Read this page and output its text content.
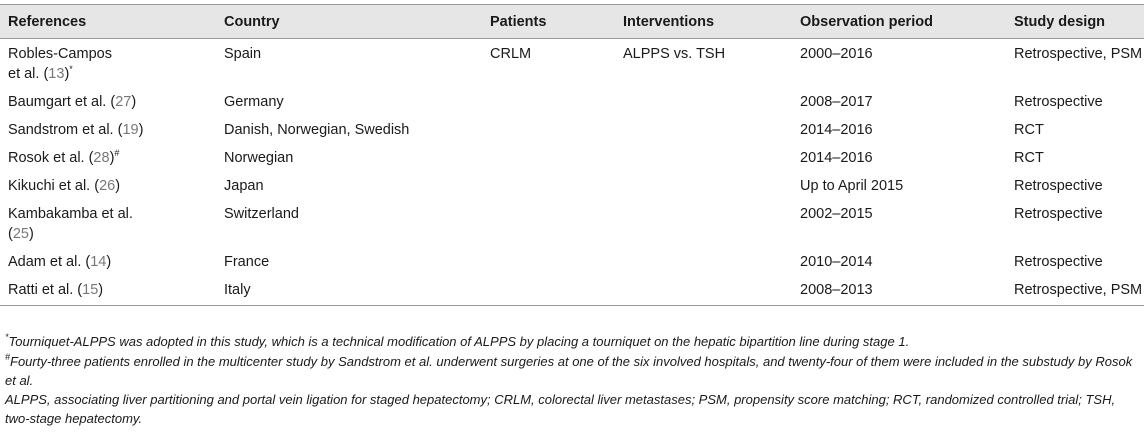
References	Country	Patients	Interventions	Observation period	Study design
Robles-Campos
et al. (13)*	Spain	CRLM	ALPPS vs. TSH	2000–2016	Retrospective, PSM
Baumgart et al. (27)	Germany			2008–2017	Retrospective
Sandstrom et al. (19)	Danish, Norwegian, Swedish			2014–2016	RCT
Rosok et al. (28)#	Norwegian			2014–2016	RCT
Kikuchi et al. (26)	Japan			Up to April 2015	Retrospective
Kambakamba et al.
(25)	Switzerland			2002–2015	Retrospective
Adam et al. (14)	France			2010–2014	Retrospective
Ratti et al. (15)	Italy			2008–2013	Retrospective, PSM

*Tourniquet-ALPPS was adopted in this study, which is a technical modification of ALPPS by placing a tourniquet on the hepatic bipartition line during stage 1.

#Fourty-three patients enrolled in the multicenter study by Sandstrom et al. underwent surgeries at one of the six involved hospitals, and twenty-four of them were included in the substudy by Rosok et al.

ALPPS, associating liver partitioning and portal vein ligation for staged hepatectomy; CRLM, colorectal liver metastases; PSM, propensity score matching; RCT, randomized controlled trial; TSH, two-stage hepatectomy.
